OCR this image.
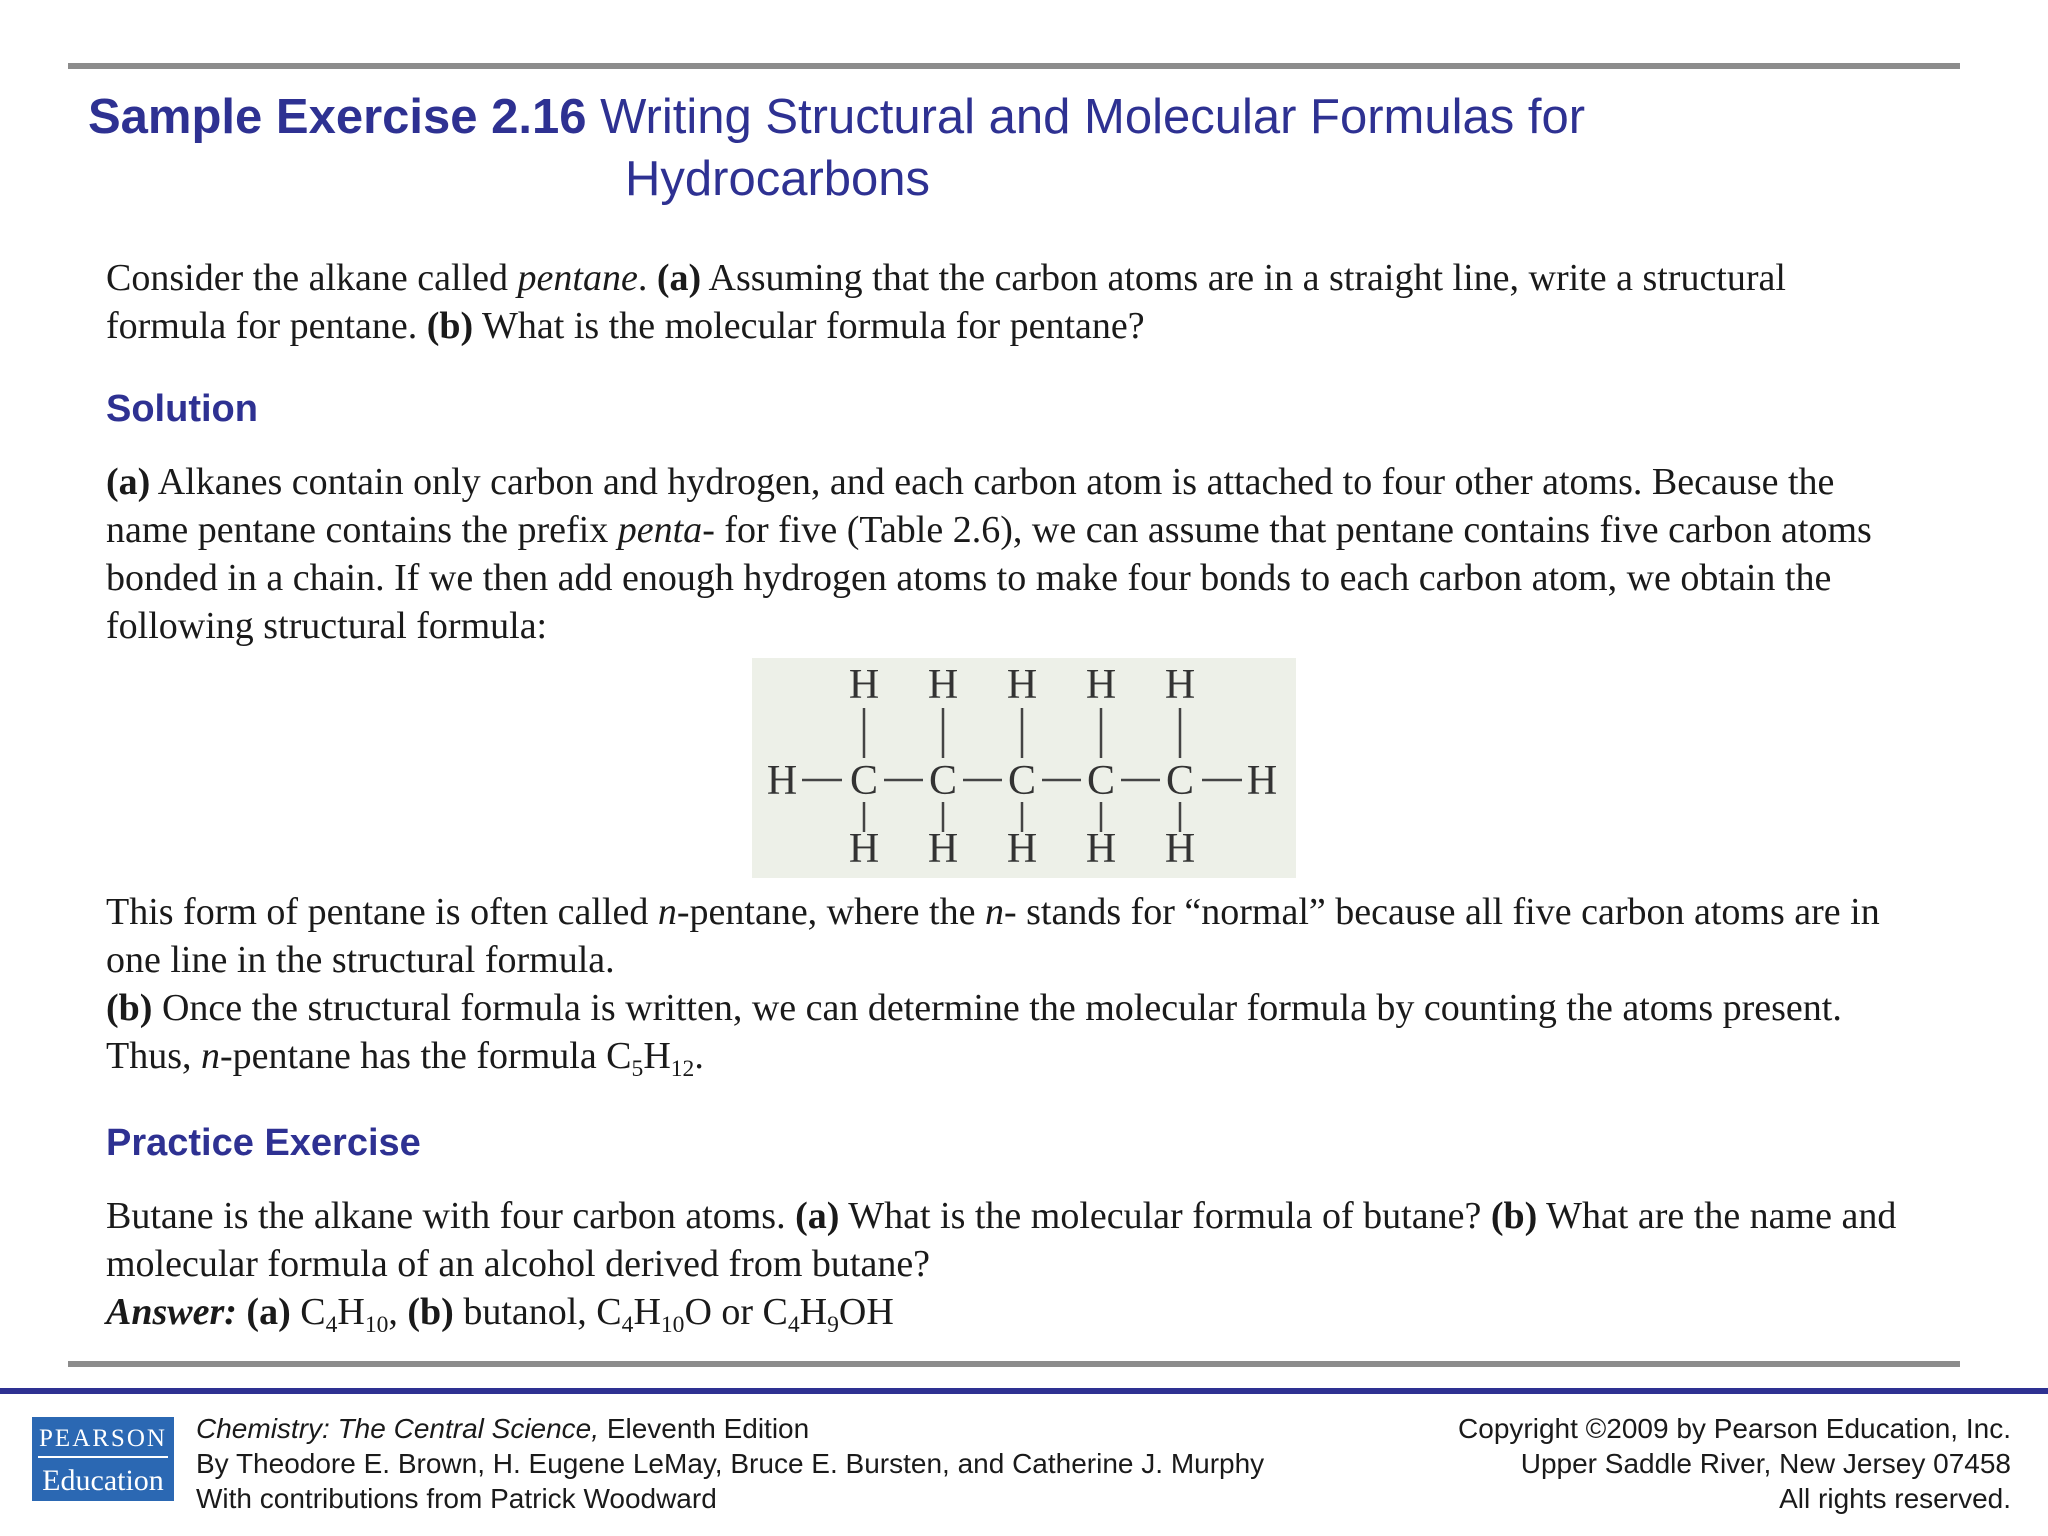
Sample Exercise 2.16 Writing Structural and Molecular Formulas for
Hydrocarbons
Consider the alkane called pentane. (a) Assuming that the carbon atoms are in a straight line, write a structural formula for pentane. (b) What is the molecular formula for pentane?
Solution
(a) Alkanes contain only carbon and hydrogen, and each carbon atom is attached to four other atoms. Because the name pentane contains the prefix penta- for five (Table 2.6), we can assume that pentane contains five carbon atoms bonded in a chain. If we then add enough hydrogen atoms to make four bonds to each carbon atom, we obtain the following structural formula:
H	H
H
C
H
H
C
H
H
C
H
H
C
H
H
C
H
This form of pentane is often called n-pentane, where the n- stands for “normal” because all five carbon atoms are in one line in the structural formula.
(b) Once the structural formula is written, we can determine the molecular formula by counting the atoms present. Thus, n-pentane has the formula $C_5H_{12}$.
Practice Exercise
Butane is the alkane with four carbon atoms. (a) What is the molecular formula of butane? (b) What are the name and molecular formula of an alcohol derived from butane?
Answer: (a) $C_4H_{10}$, (b) butanol, $C_4H_{10}O$ or $C_4H_9OH$
PEARSON
Education
Chemistry: The Central Science, Eleventh Edition
By Theodore E. Brown, H. Eugene LeMay, Bruce E. Bursten, and Catherine J. Murphy
With contributions from Patrick Woodward
Copyright ©2009 by Pearson Education, Inc.
Upper Saddle River, New Jersey 07458
All rights reserved.
